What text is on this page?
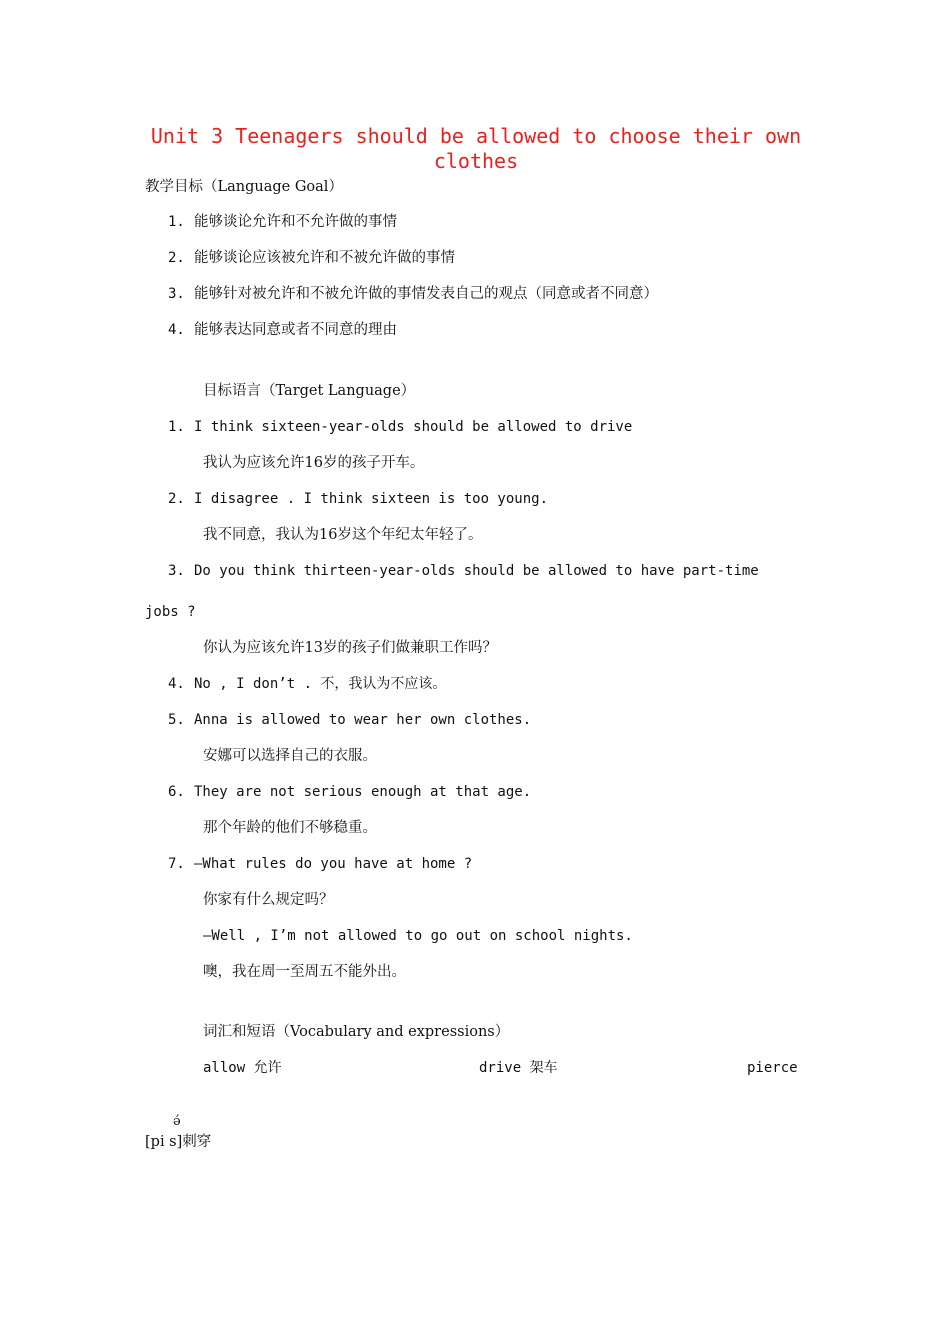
Unit 3 Teenagers should be allowed to choose their own
clothes
教学目标（Language Goal）
1. 能够谈论允许和不允许做的事情
2. 能够谈论应该被允许和不被允许做的事情
3. 能够针对被允许和不被允许做的事情发表自己的观点（同意或者不同意）
4. 能够表达同意或者不同意的理由
目标语言（Target Language）
1. I think sixteen-year-olds should be allowed to drive
我认为应该允许16岁的孩子开车。
2. I disagree . I think sixteen is too young.
我不同意，我认为16岁这个年纪太年轻了。
3. Do you think thirteen-year-olds should be allowed to have part-time
jobs ?
你认为应该允许13岁的孩子们做兼职工作吗？
4. No , I don’t . 不，我认为不应该。
5. Anna is allowed to wear her own clothes.
安娜可以选择自己的衣服。
6. They are not serious enough at that age.
那个年龄的他们不够稳重。
7. —What rules do you have at home ?
你家有什么规定吗？
—Well , I’m not allowed to go out on school nights.
噢，我在周一至周五不能外出。
词汇和短语（Vocabulary and expressions）
allow 允许	drive 架车	pierce
ə́
[pi s]刺穿
